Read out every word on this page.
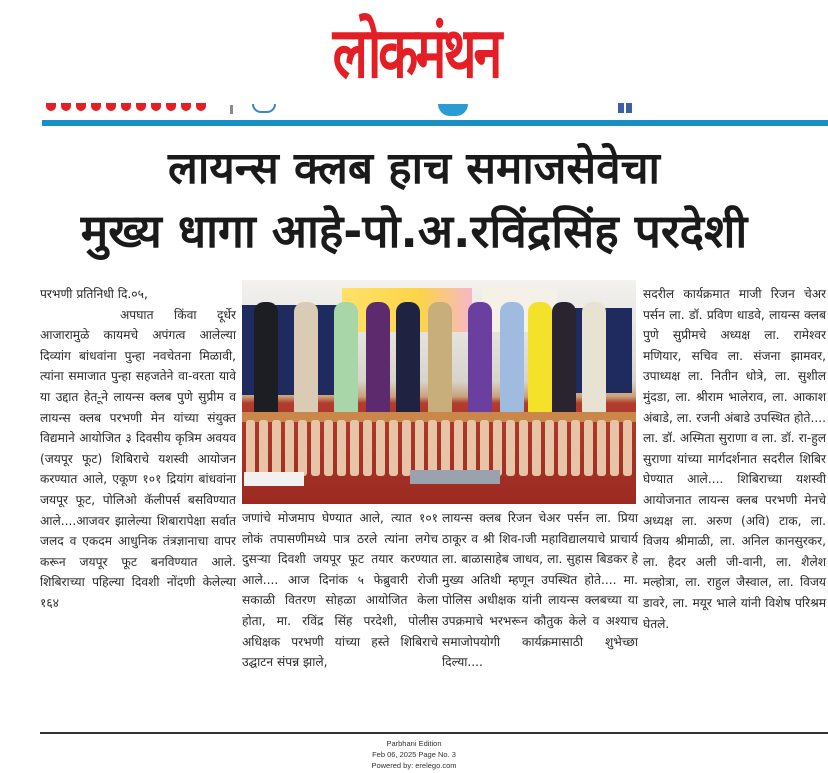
लोकमंथन
लायन्स क्लब हाच समाजसेवेचा
मुख्य धागा आहे-पो.अ.रविंद्रसिंह परदेशी

परभणी प्रतिनिधी दि.०५,

अपघात किंवा दूर्धेर आजारामुळे कायमचे अपंगत्व आलेल्या दिव्यांग बांधवांना पुन्हा नवचेतना मिळावी, त्यांना समाजात पुन्हा सहजतेने वा-वरता यावे या उद्दात हेत-ूने लायन्स क्लब पुणे सुप्रीम व लायन्स क्लब परभणी मेन यांच्या संयुक्त विद्यमाने आयोजित ३ दिवसीय कृत्रिम अवयव (जयपूर फूट) शिबिराचे यशस्वी आयोजन करण्यात आले, एकूण १०१ द्रियांग बांधवांना जयपूर फूट, पोलिओ कॅलीपर्स बसविण्यात आले....आजवर झालेल्या शिबारापेक्षा सर्वात जलद व एकदम आधुनिक तंत्रज्ञानाचा वापर करून जयपूर फूट बनविण्यात आले. शिबिराच्या पहिल्या दिवशी नोंदणी केलेल्या १६४

जणांचे मोजमाप घेण्यात आले, त्यात १०१ लोकं तपासणीमध्ये पात्र ठरले त्यांना लगेच दुसऱ्या दिवशी जयपूर फूट तयार करण्यात आले.... आज दिनांक ५ फेब्रुवारी रोजी सकाळी वितरण सोहळा आयोजित केला होता, मा. रविंद्र सिंह परदेशी, पोलीस अधिक्षक परभणी यांच्या हस्ते शिबिराचे उद्घाटन संपन्न झाले,

लायन्स क्लब रिजन चेअर पर्सन ला. प्रिया ठाकूर व श्री शिव-ाजी महाविद्यालयाचे प्राचार्य ला. बाळासाहेब जाधव, ला. सुहास बिडकर हे मुख्य अतिथी म्हणून उपस्थित होते.... मा. पोलिस अधीक्षक यांनी लायन्स क्लबच्या या उपक्रमाचे भरभरून कौतुक केले व अश्याच समाजोपयोगी कार्यक्रमासाठी शुभेच्छा दिल्या....

सदरील कार्यक्रमात माजी रिजन चेअर पर्सन ला. डॉ. प्रविण धाडवे, लायन्स क्लब पुणे सुप्रीमचे अध्यक्ष ला. रामेश्वर मणियार, सचिव ला. संजना झामवर, उपाध्यक्ष ला. नितीन धोत्रे, ला. सुशील मुंदडा, ला. श्रीराम भालेराव, ला. आकाश अंबाडे, ला. रजनी अंबाडे उपस्थित होते.... ला. डॉ. अस्मिता सुराणा व ला. डॉ. रा-हुल सुराणा यांच्या मार्गदर्शनात सदरील शिबिर घेण्यात आले.... शिबिराच्या यशस्वी आयोजनात लायन्स क्लब परभणी मेनचे अध्यक्ष ला. अरुण (अवि) टाक, ला. विजय श्रीमाळी, ला. अनिल कानसुरकर, ला. हैदर अली जी-वानी, ला. शैलेश मल्होत्रा, ला. राहुल जैस्वाल, ला. विजय डावरे, ला. मयूर भाले यांनी विशेष परिश्रम घेतले.

Parbhani Edition
Feb 06, 2025 Page No. 3
Powered by: erelego.com
